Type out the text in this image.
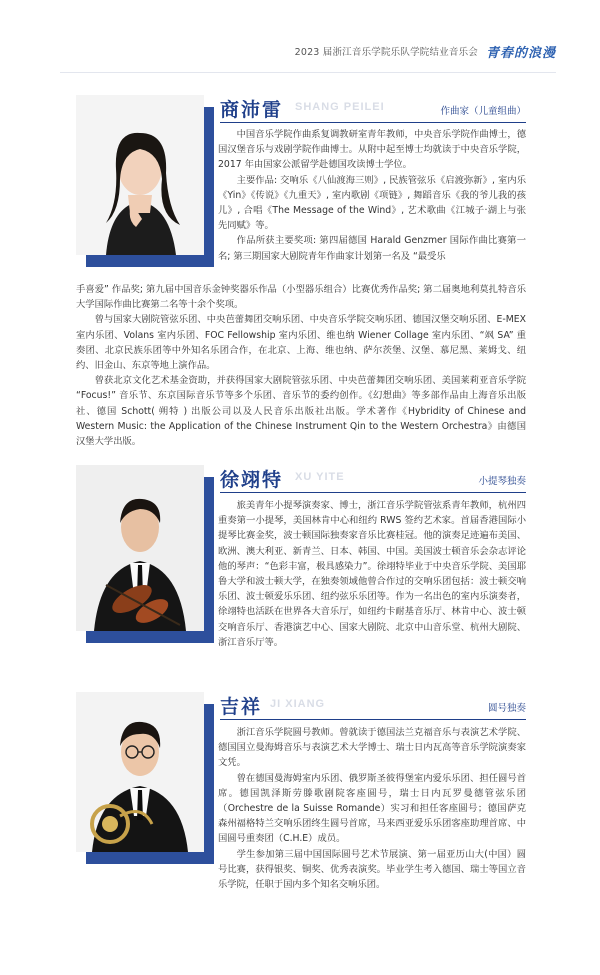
2023 届浙江音乐学院乐队学院结业音乐会 青春的浪漫
商沛雷 SHANG PEILEI	作曲家（儿童组曲）

中国音乐学院作曲系复调教研室青年教师，中央音乐学院作曲博士，德国汉堡音乐与戏剧学院作曲博士。从附中起至博士均就读于中央音乐学院，2017 年由国家公派留学赴德国攻读博士学位。

主要作品: 交响乐《八仙渡海三则》, 民族管弦乐《启渡弥新》, 室内乐《Yin》《传说》《九重天》, 室内歌剧《项链》, 舞蹈音乐《我的爷儿我的孩儿》, 合唱《The Message of the Wind》, 艺术歌曲《江城子·湖上与张先同赋》等。

作品所获主要奖项: 第四届德国 Harald Genzmer 国际作曲比赛第一名; 第三期国家大剧院青年作曲家计划第一名及 “最受乐

手喜爱” 作品奖; 第九届中国音乐金钟奖器乐作品（小型器乐组合）比赛优秀作品奖; 第二届奥地利莫扎特音乐大学国际作曲比赛第二名等十余个奖项。

曾与国家大剧院管弦乐团、中央芭蕾舞团交响乐团、中央音乐学院交响乐团、德国汉堡交响乐团、E-MEX 室内乐团、Volans 室内乐团、FOC Fellowship 室内乐团、维也纳 Wiener Collage 室内乐团、“飒 SA” 重奏团、北京民族乐团等中外知名乐团合作，在北京、上海、维也纳、萨尔茨堡、汉堡、慕尼黑、莱姆戈、纽约、旧金山、东京等地上演作品。

曾获北京文化艺术基金资助，并获得国家大剧院管弦乐团、中央芭蕾舞团交响乐团、美国莱莉亚音乐学院 “Focus!” 音乐节、东京国际音乐节等多个乐团、音乐节的委约创作。《幻想曲》等多部作品由上海音乐出版社、德国 Schott( 朔特 ) 出版公司以及人民音乐出版社出版。学术著作《Hybridity of Chinese and Western Music: the Application of the Chinese Instrument Qin to the Western Orchestra》由德国汉堡大学出版。

徐翊特 XU YITE	小提琴独奏

旅美青年小提琴演奏家、博士，浙江音乐学院管弦系青年教师，杭州四重奏第一小提琴，美国林肯中心和纽约 RWS 签约艺术家。首届香港国际小提琴比赛金奖，波士顿国际独奏家音乐比赛桂冠。他的演奏足迹遍布美国、欧洲、澳大利亚、新青兰、日本、韩国、中国。美国波士顿音乐会杂志评论他的琴声：“色彩丰富，极具感染力”。徐翊特毕业于中央音乐学院、美国耶鲁大学和波士顿大学，在独奏领域他曾合作过的交响乐团包括：波士顿交响乐团、波士顿爱乐乐团、纽约弦乐乐团等。作为一名出色的室内乐演奏者，徐翊特也活跃在世界各大音乐厅，如纽约卡耐基音乐厅、林肯中心、波士顿交响音乐厅、香港演艺中心、国家大剧院、北京中山音乐堂、杭州大剧院、浙江音乐厅等。

吉祥 JI XIANG	圆号独奏

浙江音乐学院圆号教师。曾就读于德国法兰克福音乐与表演艺术学院、德国国立曼海姆音乐与表演艺术大学博士、瑞士日内瓦高等音乐学院演奏家文凭。

曾在德国曼海姆室内乐团、俄罗斯圣彼得堡室内爱乐乐团、担任圆号首席。德国凯泽斯劳滕歌剧院客座圆号，瑞士日内瓦罗曼德管弦乐团（Orchestre de la Suisse Romande）实习和担任客座圆号；德国萨克森州福格特兰交响乐团终生圆号首席，马来西亚爱乐乐团客座助理首席、中国圆号重奏团（C.H.E）成员。

学生参加第三届中国国际圆号艺术节展演、第一届亚历山大(中国）圆号比赛，获得银奖、铜奖、优秀表演奖。毕业学生考入德国、瑞士等国立音乐学院，任职于国内多个知名交响乐团。
